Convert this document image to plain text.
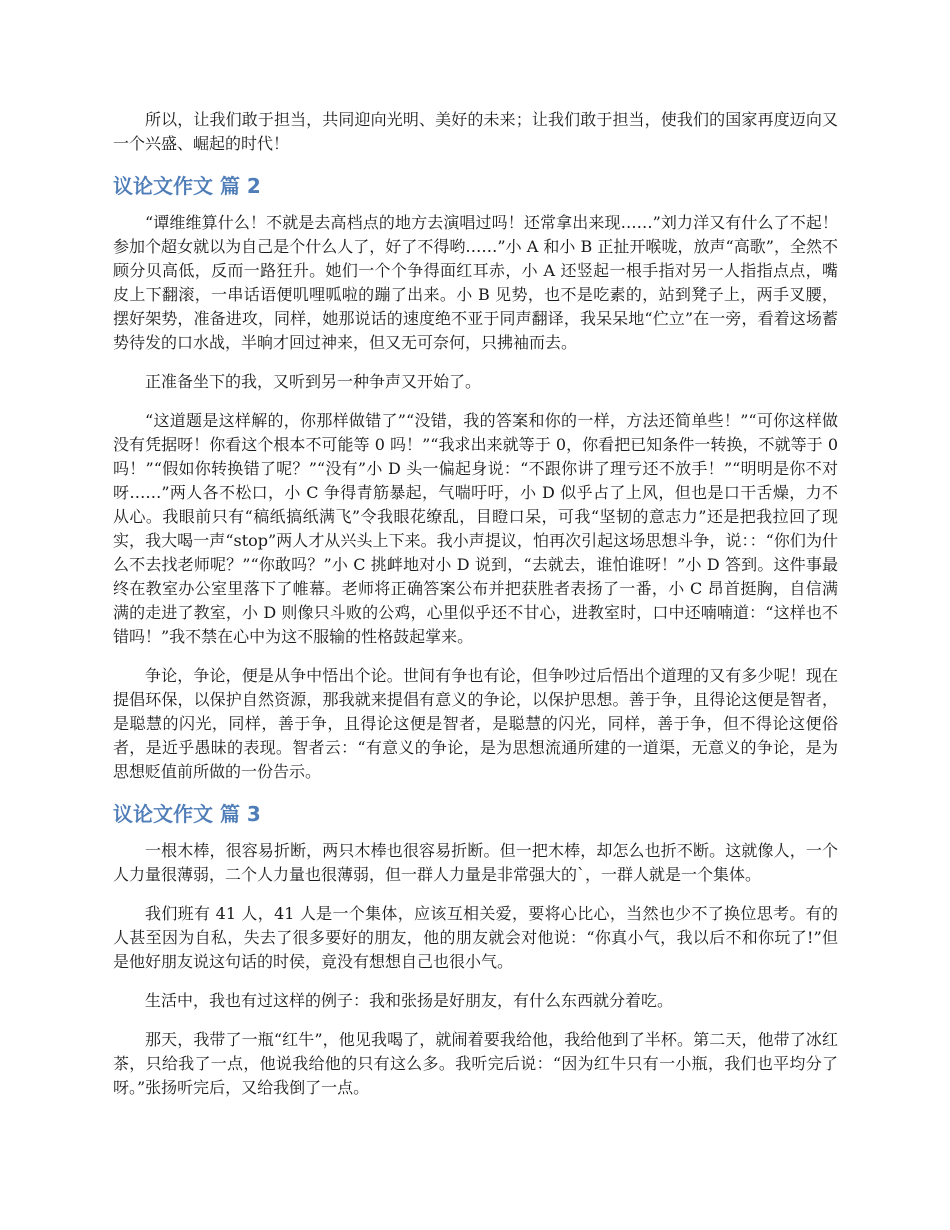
所以，让我们敢于担当，共同迎向光明、美好的未来；让我们敢于担当，使我们的国家再度迈向又一个兴盛、崛起的时代！

议论文作文 篇 2

“谭维维算什么！不就是去高档点的地方去演唱过吗！还常拿出来现……”刘力洋又有什么了不起！参加个超女就以为自己是个什么人了，好了不得哟……”小 A 和小 B 正扯开喉咙，放声“高歌”，全然不顾分贝高低，反而一路狂升。她们一个个争得面红耳赤，小 A 还竖起一根手指对另一人指指点点，嘴皮上下翻滚，一串话语便叽哩呱啦的蹦了出来。小 B 见势，也不是吃素的，站到凳子上，两手叉腰，摆好架势，准备进攻，同样，她那说话的速度绝不亚于同声翻译，我呆呆地“伫立”在一旁，看着这场蓄势待发的口水战，半晌才回过神来，但又无可奈何，只拂袖而去。

正准备坐下的我，又听到另一种争声又开始了。

“这道题是这样解的，你那样做错了”“没错，我的答案和你的一样，方法还简单些！”“可你这样做没有凭据呀！你看这个根本不可能等 0 吗！”“我求出来就等于 0，你看把已知条件一转换，不就等于 0 吗！”“假如你转换错了呢？”“没有”小 D 头一偏起身说：“不跟你讲了理亏还不放手！”“明明是你不对呀……”两人各不松口，小 C 争得青筋暴起，气喘吁吁，小 D 似乎占了上风，但也是口干舌燥，力不从心。我眼前只有“稿纸搞纸满飞”令我眼花缭乱，目瞪口呆，可我“坚韧的意志力”还是把我拉回了现实，我大喝一声“stop”两人才从兴头上下来。我小声提议，怕再次引起这场思想斗争，说：：“你们为什么不去找老师呢？”“你敢吗？”小 C 挑衅地对小 D 说到，“去就去，谁怕谁呀！”小 D 答到。这件事最终在教室办公室里落下了帷幕。老师将正确答案公布并把获胜者表扬了一番，小 C 昂首挺胸，自信满满的走进了教室，小 D 则像只斗败的公鸡，心里似乎还不甘心，进教室时，口中还喃喃道：“这样也不错吗！”我不禁在心中为这不服输的性格鼓起掌来。

争论，争论，便是从争中悟出个论。世间有争也有论，但争吵过后悟出个道理的又有多少呢！现在提倡环保，以保护自然资源，那我就来提倡有意义的争论，以保护思想。善于争，且得论这便是智者，是聪慧的闪光，同样，善于争，且得论这便是智者，是聪慧的闪光，同样，善于争，但不得论这便俗者，是近乎愚昧的表现。智者云：“有意义的争论，是为思想流通所建的一道渠，无意义的争论，是为思想贬值前所做的一份告示。

议论文作文 篇 3

一根木棒，很容易折断，两只木棒也很容易折断。但一把木棒，却怎么也折不断。这就像人，一个人力量很薄弱，二个人力量也很薄弱，但一群人力量是非常强大的`，一群人就是一个集体。

我们班有 41 人，41 人是一个集体，应该互相关爱，要将心比心，当然也少不了换位思考。有的人甚至因为自私，失去了很多要好的朋友，他的朋友就会对他说：“你真小气，我以后不和你玩了!”但是他好朋友说这句话的时侯，竟没有想想自己也很小气。

生活中，我也有过这样的例子：我和张扬是好朋友，有什么东西就分着吃。

那天，我带了一瓶“红牛”，他见我喝了，就闹着要我给他，我给他到了半杯。第二天，他带了冰红茶，只给我了一点，他说我给他的只有这么多。我听完后说：“因为红牛只有一小瓶，我们也平均分了呀。”张扬听完后，又给我倒了一点。
